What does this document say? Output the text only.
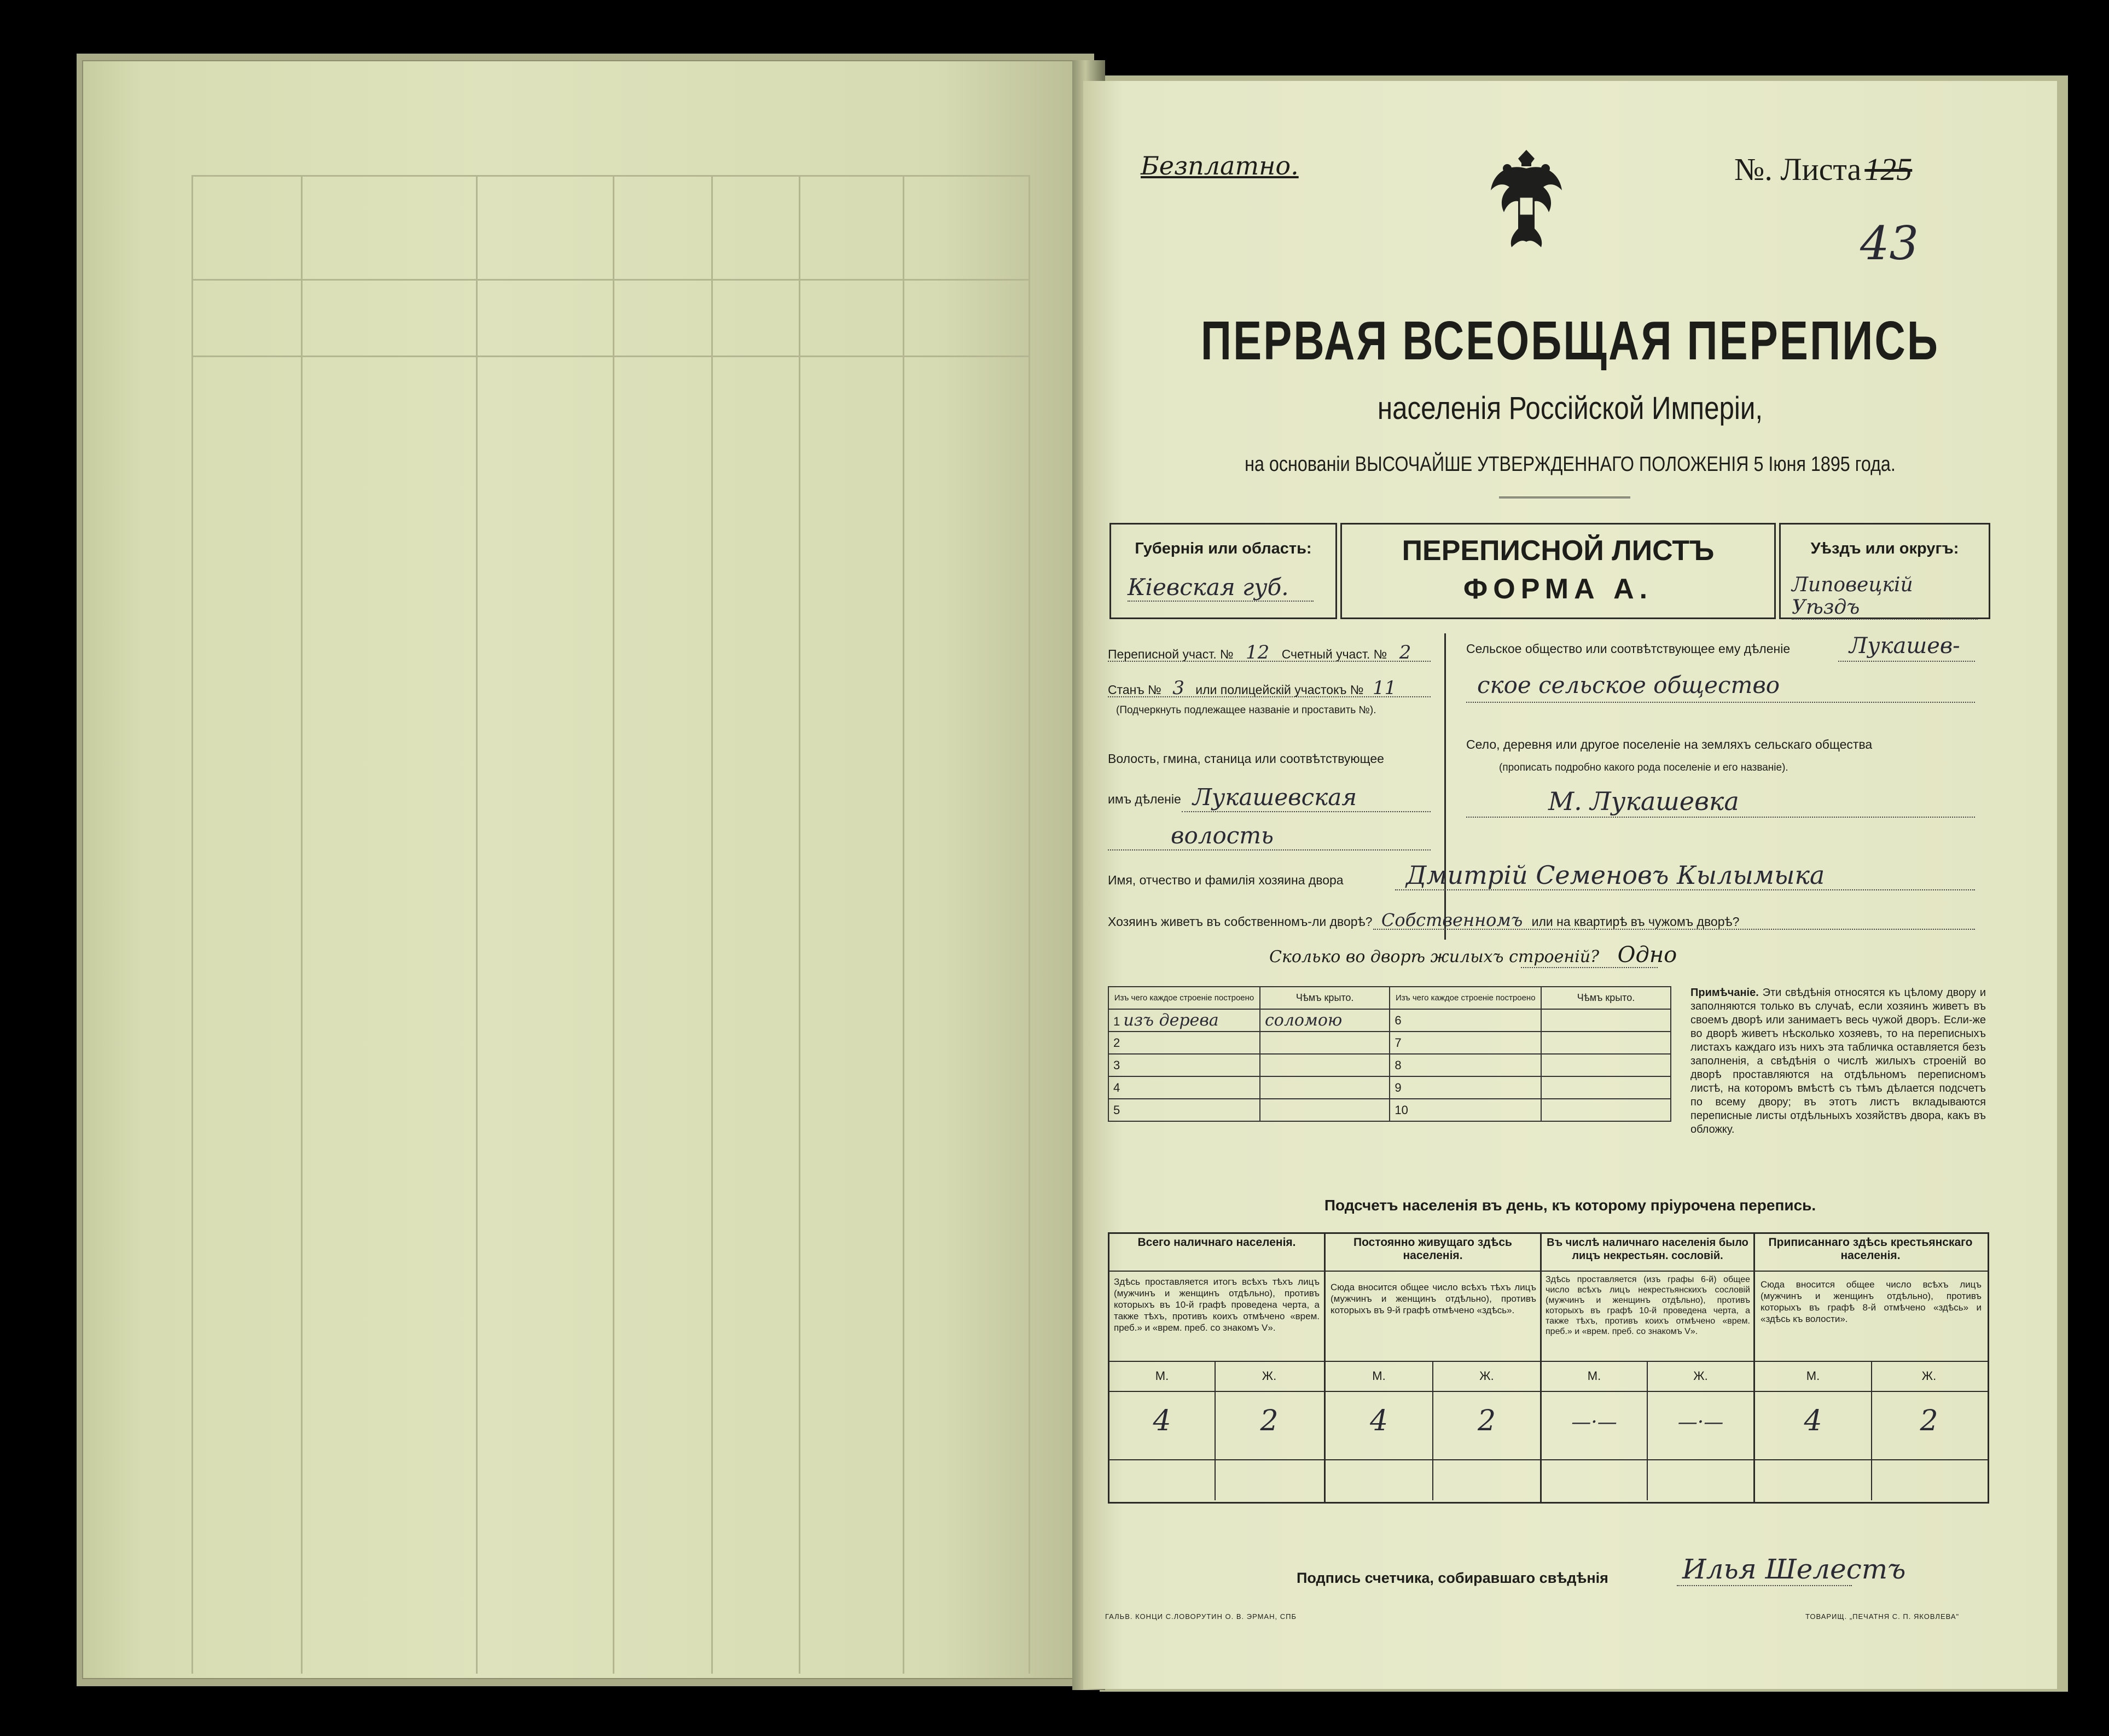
Безплатно.	№. Листа 125
43
ПЕРВАЯ ВСЕОБЩАЯ ПЕРЕПИСЬ
населенія Россійской Имперіи,
на основаніи ВЫСОЧАЙШЕ УТВЕРЖДЕННАГО ПОЛОЖЕНІЯ 5 Іюня 1895 года.
Губернія или область:
Кіевская губ.
ПЕРЕПИСНОЙ ЛИСТЪ
ФОРМА А.
Уѣздъ или округъ:
Липовецкій Уѣздъ
Переписной участ. № 12 Счетный участ. № 2
Станъ № 3 или полицейскій участокъ № 11
(Подчеркнуть подлежащее названіе и проставить №).
Волость, гмина, станица или соотвѣтствующее
имъ дѣленіе Лукашевская
волость
Сельское общество или соотвѣтствующее ему дѣленіе	Лукашев-
ское сельское общество
Село, деревня или другое поселеніе на земляхъ сельскаго общества
(прописать подробно какого рода поселеніе и его названіе).
М. Лукашевка
Имя, отчество и фамилія хозяина двора Дмитрій Семеновъ Кылымыка
Хозяинъ живетъ въ собственномъ-ли дворѣ? Собственномъ или на квартирѣ въ чужомъ дворѣ?
Сколько во дворѣ жилыхъ строеній? Одно
Изъ чего каждое строеніе построено	Чѣмъ крыто.	Изъ чего каждое строеніе построено	Чѣмъ крыто.
1 изъ дерева	соломою	6	
2		7	
3		8	
4		9	
5		10	
Примѣчаніе. Эти свѣдѣнія относятся къ цѣлому двору и заполняются только въ случаѣ, если хозяинъ живетъ въ своемъ дворѣ или занимаетъ весь чужой дворъ. Если-же во дворѣ живетъ нѣсколько хозяевъ, то на переписныхъ листахъ каждаго изъ нихъ эта табличка оставляется безъ заполненія, а свѣдѣнія о числѣ жилыхъ строеній во дворѣ проставляются на отдѣльномъ переписномъ листѣ, на которомъ вмѣстѣ съ тѣмъ дѣлается подсчетъ по всему двору; въ этотъ листъ вкладываются переписные листы отдѣльныхъ хозяйствъ двора, какъ въ обложку.
Подсчетъ населенія въ день, къ которому пріурочена перепись.
Всего наличнаго населенія.	Постоянно живущаго здѣсь населенія.
Въ числѣ наличнаго населенія было лицъ некрестьян. сословій.
Приписаннаго здѣсь крестьянскаго населенія.
Здѣсь проставляется итогъ всѣхъ тѣхъ лицъ (мужчинъ и женщинъ отдѣльно), противъ которыхъ въ 10-й графѣ проведена черта, а также тѣхъ, противъ коихъ отмѣчено «врем. преб.» и «врем. преб. со знакомъ V».
Сюда вносится общее число всѣхъ тѣхъ лицъ (мужчинъ и женщинъ отдѣльно), противъ которыхъ въ 9-й графѣ отмѣчено «здѣсь».
Здѣсь проставляется (изъ графы 6-й) общее число всѣхъ лицъ некрестьянскихъ сословій (мужчинъ и женщинъ отдѣльно), противъ которыхъ въ графѣ 10-й проведена черта, а также тѣхъ, противъ коихъ отмѣчено «врем. преб.» и «врем. преб. со знакомъ V».
Сюда вносится общее число всѣхъ лицъ (мужчинъ и женщинъ отдѣльно), противъ которыхъ въ графѣ 8-й отмѣчено «здѣсь» и «здѣсь къ волости».
М.	Ж.	М.	Ж.	М.	Ж.	М.	Ж.
4	2	4	2	—·—	—·—	4	2
Подпись счетчика, собиравшаго свѣдѣнія	Илья Шелестъ
ГАЛЬВ. КОНЦИ С.ЛОВОРУТИН О. В. ЭРМАН, СПБ	ТОВАРИЩ. „ПЕЧАТНЯ С. П. ЯКОВЛЕВА"
